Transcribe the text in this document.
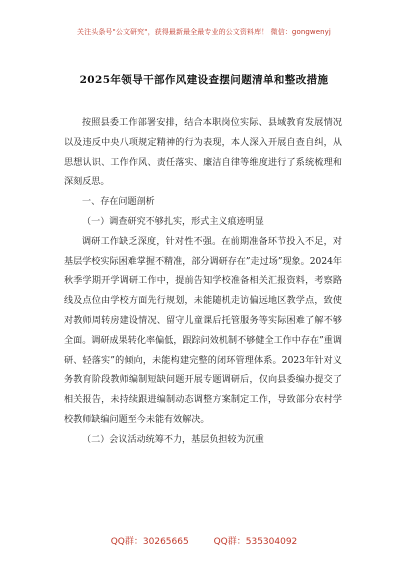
关注头条号"公文研究"，获得最新最全最专业的公文资料库！ 微信：gongwenyj
2025年领导干部作风建设查摆问题清单和整改措施

按照县委工作部署安排，结合本职岗位实际、县域教育发展情况以及违反中央八项规定精神的行为表现，本人深入开展自查自纠，从思想认识、工作作风、责任落实、廉洁自律等维度进行了系统梳理和深刻反思。

一、存在问题剖析

（一）调查研究不够扎实，形式主义痕迹明显

调研工作缺乏深度，针对性不强。在前期准备环节投入不足，对基层学校实际困难掌握不精准，部分调研存在”走过场”现象。2024年秋季学期开学调研工作中，提前告知学校准备相关汇报资料，考察路线及点位由学校方面先行规划，未能随机走访偏远地区教学点，致使对教师周转房建设情况、留守儿童课后托管服务等实际困难了解不够全面。调研成果转化率偏低，跟踪问效机制不够健全工作中存在”重调研、轻落实”的倾向，未能构建完整的闭环管理体系。2023年针对义务教育阶段教师编制短缺问题开展专题调研后，仅向县委编办提交了相关报告，未持续跟进编制动态调整方案制定工作，导致部分农村学校教师缺编问题至今未能有效解决。

（二）会议活动统筹不力，基层负担较为沉重

QQ群：30265665	QQ群：535304092
